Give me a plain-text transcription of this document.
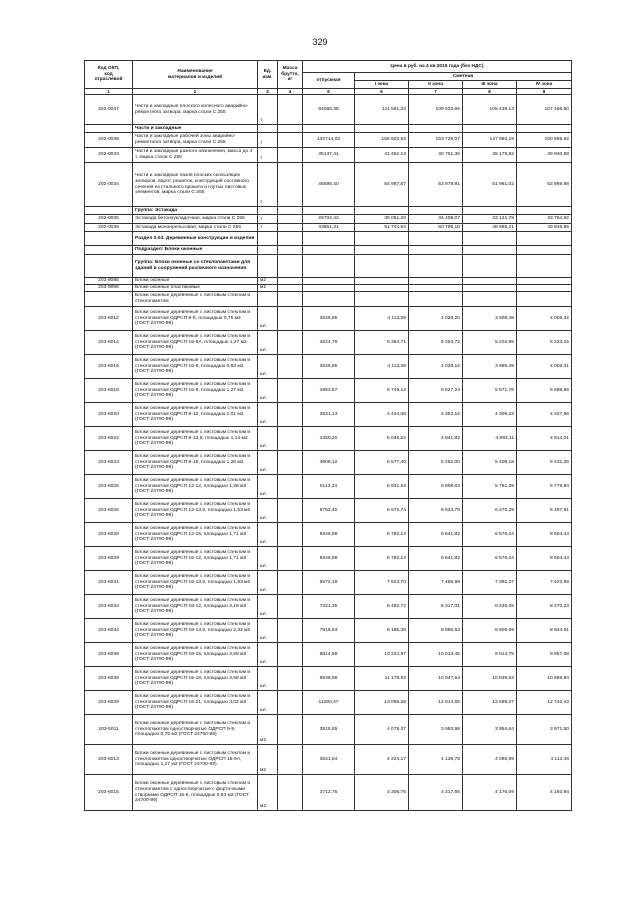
329
Код ОКП,
код
отраслевой	Наименование
материалов и изделий	Ед.
изм.	Масса
брутто,
кг	Цена в руб. на 4 кв 2015 года (без НДС)				
				отпускная	Сметная			
					I зона	II зона	III зона	IV зона
1	2	3	4	6	6	7	8	9
202-0037	Части и закладные плоского колесного аварийно-ремонтного затвора, марка стали С 255	т		94060,38	111 581,23	109 533,66	105 439,13	107 486,50
	Части и закладные							
202-0038	Части и закладные рабочей зоны аварийно-ремонтного затвора, марка стали С 255	т		132714,02	156 602,53	153 729,07	147 982,19	150 855,62
202-0033	Части и закладные разного назначения, масса до 4 т, марка стали С 255	т		35137,41	41 462,13	40 701,36	39 179,82	39 940,58
202-0034	Части и закладные пазов плоских скользящих затворов, ворот, решеток, конструкций составного сечения из стального проката и гнутых листовых элементов, марка стали С 255	т		46598,40	54 987,87	53 978,91	51 961,02	52 969,98
	Группа: Эстакада							
202-0035	Эстакада бетоноукладочная, марка стали С 255	т		29704,42	35 051,20	34 408,07	33 121,79	33 764,92
202-0036	Эстакада мононрельсовая, марка стали С 255	т		43851,31	51 744,54	50 795,10	48 896,21	49 845,65
	Раздел 2.03. Деревянные конструкции и изделия							
	Подраздел: Блоки оконные							
	Группа: Блоки оконные со стеклопакетами для зданий и сооружений различного назначения							
203-9095	Блоки оконные	м2						
203-9096	Блоки оконные пластиковые	м2						
	Блоки оконные деревянные с листовым стеклом и стеклопакетом							
203-6012	Блоки оконные деревянные с листовым стеклом и стеклопакетом ОДРСП 9-9, площадью 0,75 м2 (ГОСТ 24700-99)	шт.		3545,95	4 113,29	4 026,20	3 908,48	4 005,32
203-6014	Блоки оконные деревянные с листовым стеклом и стеклопакетом ОДРСП 15-9А, площадью 1,27 м2 (ГОСТ 24700-99)	шт.		4624,76	5 364,71	5 253,72	5 204,95	5 224,15
203-6016	Блоки оконные деревянные с листовым стеклом и стеклопакетом ОДРСП 15-6, площадью 0,83 м2 (ГОСТ 24700-99)	шт.		3545,95	4 113,28	4 028,16	3 986,49	4 005,31
203-6018	Блоки оконные деревянные с листовым стеклом и стеклопакетом ОДРСП 15-9, площадью 1,27 м2 (ГОСТ 24700-99)	шт.		4953,57	5 749,12	5 627,24	5 571,76	5 595,66
203-6020	Блоки оконные деревянные с листовым стеклом и стеклопакетом ОДРСП 9-12, площадью 1,01 м2 (ГОСТ 24700-99)	шт.		3831,13	4 444,08	4 352,16	4 309,23	4 327,66
203-6022	Блоки оконные деревянные с листовым стеклом и стеклопакетом ОДРСП 9-13,5, площадью 1,14 м2 (ГОСТ 24700-99)	шт.		4350,20	5 046,22	4 941,82	4 893,11	4 914,01
203-6023	Блоки оконные деревянные с листовым стеклом и стеклопакетом ОДРСП 9-15, площадью 1,26 м2 (ГОСТ 24700-99)	шт.		4808,12	5 577,40	5 462,00	5 408,18	5 431,26
203-6025	Блоки оконные деревянные с листовым стеклом и стеклопакетом ОДРСП 12-12, площадью 1,36 м2 (ГОСТ 24700-99)	шт.		5113,24	5 931,53	5 808,63	5 751,39	5 775,94
203-6026	Блоки оконные деревянные с листовым стеклом и стеклопакетом ОДРСП 12-13,5, площадью 1,53 м2 (ГОСТ 24700-99)	шт.		5752,40	6 672,74	6 534,70	6 470,29	6 497,91
203-6028	Блоки оконные деревянные с листовым стеклом и стеклопакетом ОДРСП 12-15, площадью 1,71 м2 (ГОСТ 24700-99)	шт.		5846,68	6 782,13	6 641,82	6 576,34	6 604,43
203-6029	Блоки оконные деревянные с листовым стеклом и стеклопакетом ОДРСП 15-12, площадью 1,71 м2 (ГОСТ 24700-99)	шт.		5846,68	6 782,13	6 641,82	6 576,34	6 604,43
203-6031	Блоки оконные деревянные с листовым стеклом и стеклопакетом ОДРСП 15-13,5, площадью 1,93 м2 (ГОСТ 24700-99)	шт.		6572,18	7 623,70	7 465,98	7 392,37	7 423,99
203-6032	Блоки оконные деревянные с листовым стеклом и стеклопакетом ОДРСП 18-12, площадью 2,19 м2 (ГОСТ 24700-99)	шт.		7321,35	8 492,72	8 317,01	8 235,05	8 270,23
203-6034	Блоки оконные деревянные с листовым стеклом и стеклопакетом ОДРСП 18-13,5, площадью 2,32 м2 (ГОСТ 24700-99)	шт.		7918,64	9 185,39	8 995,53	8 906,69	8 944,91
203-6036	Блоки оконные деревянные с листовым стеклом и стеклопакетом ОДРСП 18-15, площадью 2,59 м2 (ГОСТ 24700-99)	шт.		8814,68	10 224,97	10 013,45	9 914,75	9 957,08
203-6038	Блоки оконные деревянные с листовым стеклом и стеклопакетом ОДРСП 15-18, площадью 2,58 м2 (ГОСТ 24700-99)	шт.		9638,96	11 178,93	10 947,54	10 839,63	10 885,94
203-6039	Блоки оконные деревянные с листовым стеклом и стеклопакетом ОДРСП 15-21, площадью 3,02 м2 (ГОСТ 24700-99)	шт.		11280,47	13 085,28	12 814,55	12 688,27	12 742,43
203-5011	Блоки оконные деревянные с листовым стеклом и стеклопакетом одностворчатые ОДРСП 9-9, площадью 0,75 м2 (ГОСТ 24700-99)	м2		3515,85	4 078,37	3 993,98	3 954,64	3 971,50
203-6013	Блоки оконные деревянные с листовым стеклом и стеклопакетом одностворчатые ОДРСП 15-9А, площадью 1,27 м2 (ГОСТ 24700-99)	м2		3641,54	4 224,17	4 136,78	4 095,99	4 113,49
203-6015	Блоки оконные деревянные с листовым стеклом и стеклопакетом с одностворчатые с форточными створками ОДРСП 15-6, площадью 0,83 м2 (ГОСТ 24700-99)	м2		3712,75	4 306,76	4 217,66	4 176,09	4 193,94
